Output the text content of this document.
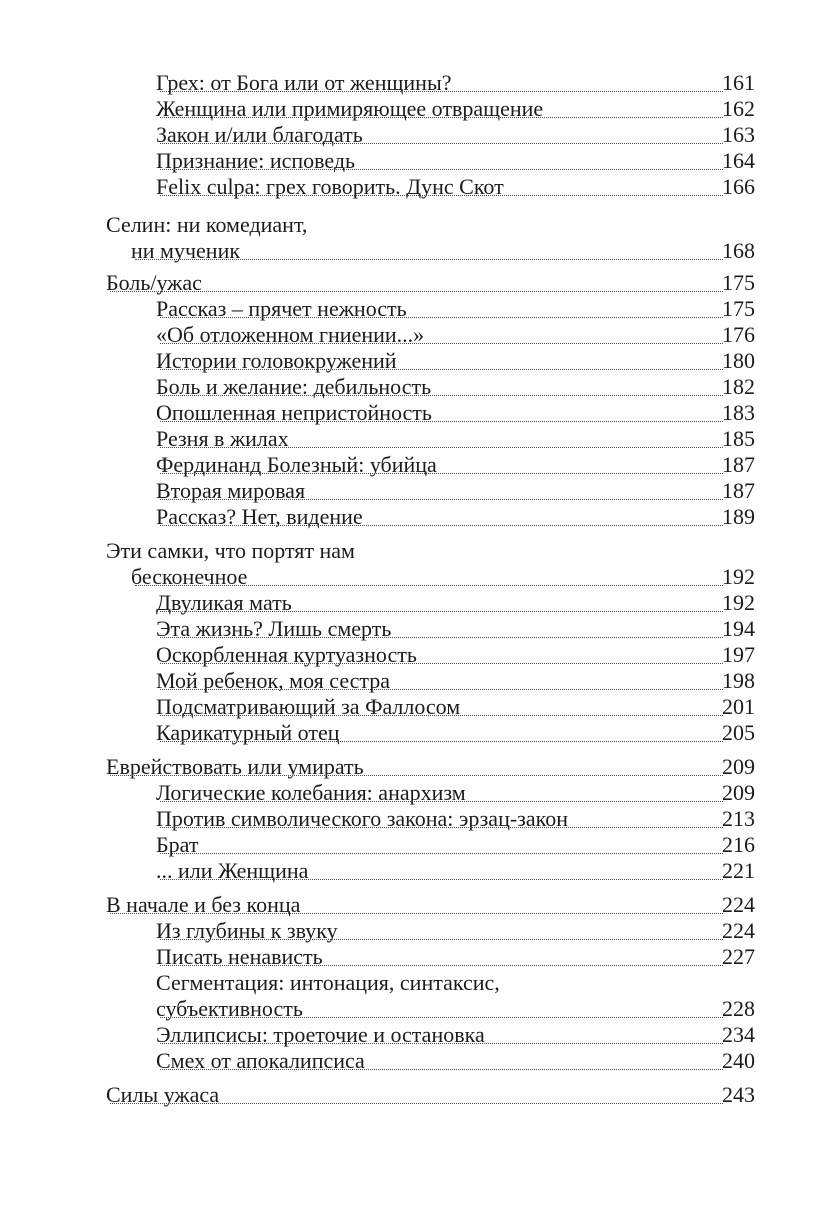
Грех: от Бога или от женщины?	161
Женщина или примиряющее отвращение	162
Закон и/или благодать	163
Признание: исповедь	164
Felix culpa: грех говорить. Дунс Скот	166
Селин: ни комедиант,
ни мученик	168
Боль/ужас	175
Рассказ – прячет нежность	175
«Об отложенном гниении...»	176
Истории головокружений	180
Боль и желание: дебильность	182
Опошленная непристойность	183
Резня в жилах	185
Фердинанд Болезный: убийца	187
Вторая мировая	187
Рассказ? Нет, видение	189
Эти самки, что портят нам
бесконечное	192
Двуликая мать	192
Эта жизнь? Лишь смерть	194
Оскорбленная куртуазность	197
Мой ребенок, моя сестра	198
Подсматривающий за Фаллосом	201
Карикатурный отец	205
Еврействовать или умирать	209
Логические колебания: анархизм	209
Против символического закона: эрзац-закон	213
Брат	216
... или Женщина	221
В начале и без конца	224
Из глубины к звуку	224
Писать ненависть	227
Сегментация: интонация, синтаксис,
субъективность	228
Эллипсисы: троеточие и остановка	234
Смех от апокалипсиса	240
Силы ужаса	243
